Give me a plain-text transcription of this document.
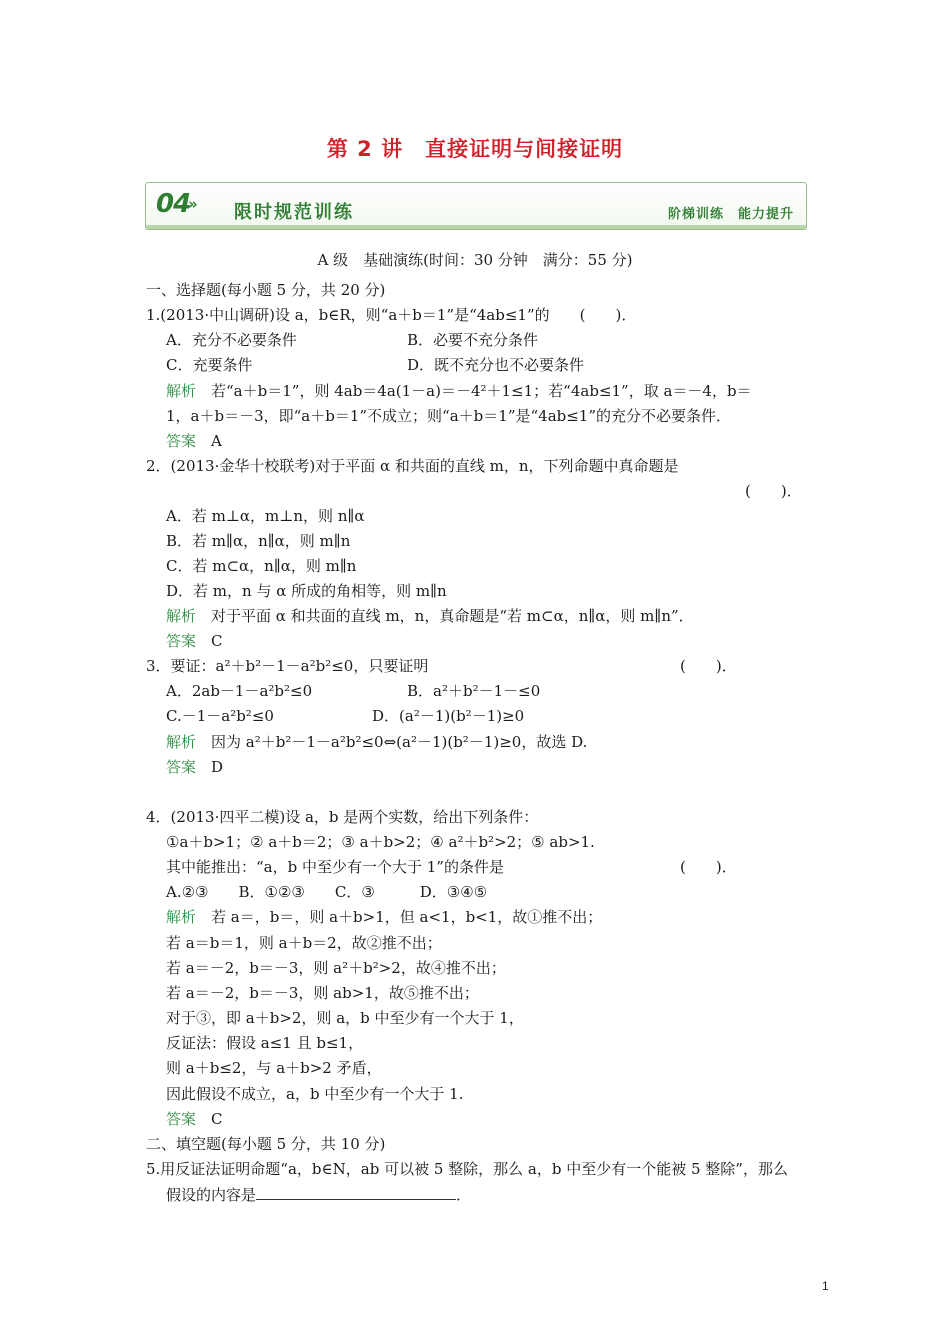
第 2 讲　直接证明与间接证明
04
» 限时规范训练	阶梯训练　能力提升
A 级　基础演练(时间：30 分钟　满分：55 分)
一、选择题(每小题 5 分，共 20 分)
1.(2013·中山调研)设 a，b∈R，则“a＋b＝1”是“4ab≤1”的　　(　　)．
A．充分不必要条件	B．必要不充分条件
C．充要条件	D．既不充分也不必要条件
解析　若“a＋b＝1”，则 4ab＝4a(1－a)＝－4²＋1≤1；若“4ab≤1”，取 a＝－4，b＝
1，a＋b＝－3，即“a＋b＝1”不成立；则“a＋b＝1”是“4ab≤1”的充分不必要条件．
答案　A
2．(2013·金华十校联考)对于平面 α 和共面的直线 m，n，下列命题中真命题是
(　　)．
A．若 m⊥α，m⊥n，则 n∥α
B．若 m∥α，n∥α，则 m∥n
C．若 m⊂α，n∥α，则 m∥n
D．若 m，n 与 α 所成的角相等，则 m∥n
解析　对于平面 α 和共面的直线 m，n，真命题是“若 m⊂α，n∥α，则 m∥n”．
答案　C
3．要证：a²＋b²－1－a²b²≤0，只要证明	(　　)．
A．2ab－1－a²b²≤0	B．a²＋b²－1－≤0
C.－1－a²b²≤0	D．(a²－1)(b²－1)≥0
解析　因为 a²＋b²－1－a²b²≤0⇔(a²－1)(b²－1)≥0，故选 D.
答案　D
4．(2013·四平二模)设 a，b 是两个实数，给出下列条件：
①a＋b>1；② a＋b＝2；③ a＋b>2；④ a²＋b²>2；⑤ ab>1.
其中能推出：“a，b 中至少有一个大于 1”的条件是	(　　)．
A.②③　　B．①②③　　C．③　　　D．③④⑤
解析　若 a＝，b＝，则 a＋b>1，但 a<1，b<1，故①推不出；
若 a＝b＝1，则 a＋b＝2，故②推不出；
若 a＝－2，b＝－3，则 a²＋b²>2，故④推不出；
若 a＝－2，b＝－3，则 ab>1，故⑤推不出；
对于③，即 a＋b>2，则 a，b 中至少有一个大于 1，
反证法：假设 a≤1 且 b≤1，
则 a＋b≤2，与 a＋b>2 矛盾，
因此假设不成立，a，b 中至少有一个大于 1.
答案　C
二、填空题(每小题 5 分，共 10 分)
5.用反证法证明命题“a，b∈N，ab 可以被 5 整除，那么 a，b 中至少有一个能被 5 整除”，那么
假设的内容是	．
1
